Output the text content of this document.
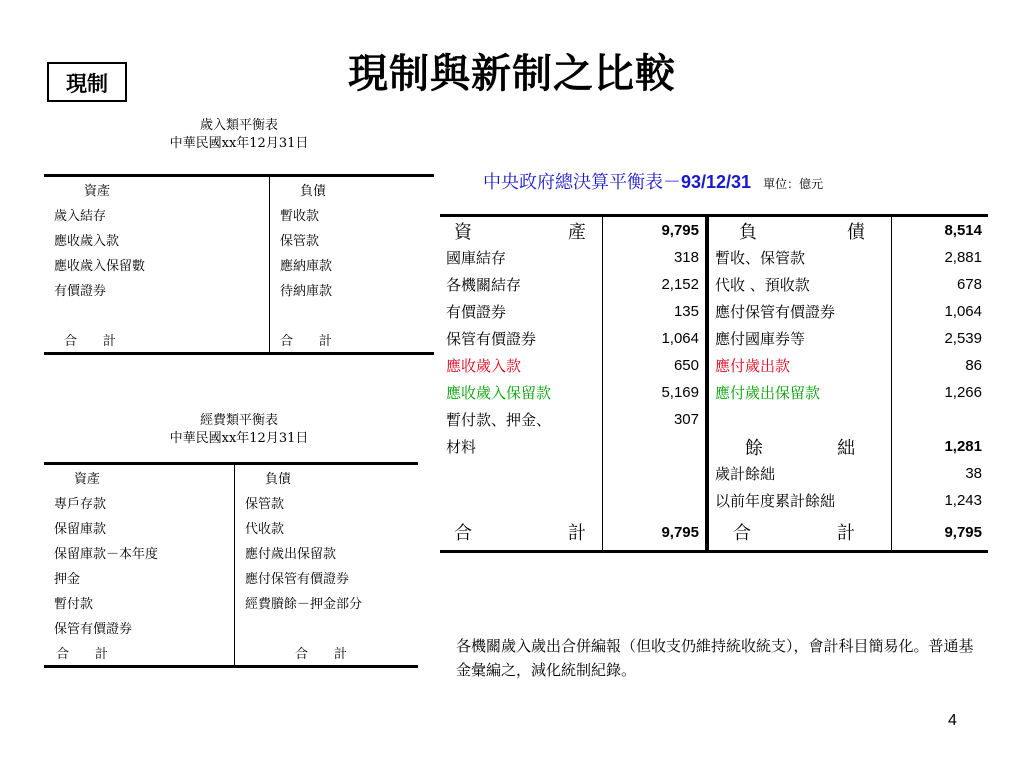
現制與新制之比較
現制
歲入類平衡表
中華民國xx年12月31日
資產	負債
歲入結存	暫收款
應收歲入款	保管款
應收歲入保留數	應納庫款
有價證券	待納庫款

合　　計	合　　計
經費類平衡表
中華民國xx年12月31日
資產	負債
專戶存款	保管款
保留庫款	代收款
保留庫款－本年度	應付歲出保留款
押金	應付保管有價證券
暫付款	經費賸餘－押金部分
保管有價證券	
合　　計	合　　計
中央政府總決算平衡表－93/12/31 單位：億元
資 產	9,795	負 債	8,514
國庫結存	318	暫收、保管款	2,881
各機關結存	2,152	代收 、預收款	678
有價證券	135	應付保管有價證券	1,064
保管有價證券	1,064	應付國庫券等	2,539
應收歲入款	650	應付歲出款	86
應收歲入保留款	5,169	應付歲出保留款	1,266
暫付款、押金、	307		
材料		餘 絀	1,281
		歲計餘絀	38
		以前年度累計餘絀	1,243

合 計	9,795	合 計	9,795
各機關歲入歲出合併編報（但收支仍維持統收統支），會計科目簡易化。普通基金彙編之，減化統制紀錄。
4
